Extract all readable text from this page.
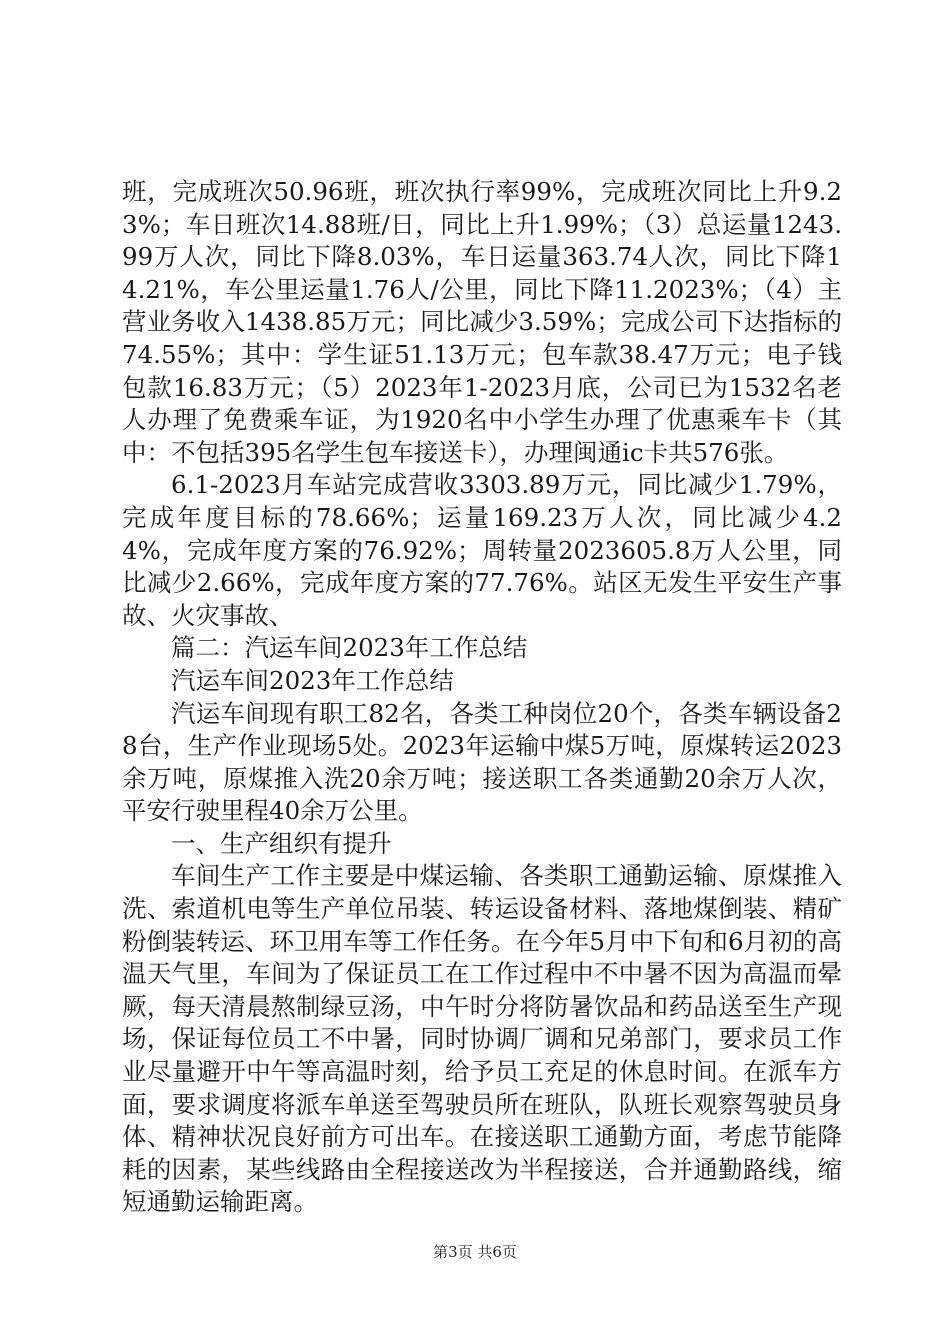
班，完成班次50.96班，班次执行率99%，完成班次同比上升9.23%；车日班次14.88班/日，同比上升1.99%；（3）总运量1243.99万人次，同比下降8.03%，车日运量363.74人次，同比下降14.21%，车公里运量1.76人/公里，同比下降11.2023%；（4）主营业务收入1438.85万元；同比减少3.59%；完成公司下达指标的74.55%；其中：学生证51.13万元；包车款38.47万元；电子钱包款16.83万元；（5）2023年1-2023月底，公司已为1532名老人办理了免费乘车证，为1920名中小学生办理了优惠乘车卡（其中：不包括395名学生包车接送卡），办理闽通ic卡共576张。

6.1-2023月车站完成营收3303.89万元，同比减少1.79%，完成年度目标的78.66%；运量169.23万人次，同比减少4.24%，完成年度方案的76.92%；周转量2023605.8万人公里，同比减少2.66%，完成年度方案的77.76%。站区无发生平安生产事故、火灾事故、

篇二：汽运车间2023年工作总结

汽运车间2023年工作总结

汽运车间现有职工82名，各类工种岗位20个，各类车辆设备28台，生产作业现场5处。2023年运输中煤5万吨，原煤转运2023余万吨，原煤推入洗20余万吨；接送职工各类通勤20余万人次，平安行驶里程40余万公里。

一、生产组织有提升

车间生产工作主要是中煤运输、各类职工通勤运输、原煤推入洗、索道机电等生产单位吊装、转运设备材料、落地煤倒装、精矿粉倒装转运、环卫用车等工作任务。在今年5月中下旬和6月初的高温天气里，车间为了保证员工在工作过程中不中暑不因为高温而晕厥，每天清晨熬制绿豆汤，中午时分将防暑饮品和药品送至生产现场，保证每位员工不中暑，同时协调厂调和兄弟部门，要求员工作业尽量避开中午等高温时刻，给予员工充足的休息时间。在派车方面，要求调度将派车单送至驾驶员所在班队，队班长观察驾驶员身体、精神状况良好前方可出车。在接送职工通勤方面，考虑节能降耗的因素，某些线路由全程接送改为半程接送，合并通勤路线，缩短通勤运输距离。

第3页 共6页
